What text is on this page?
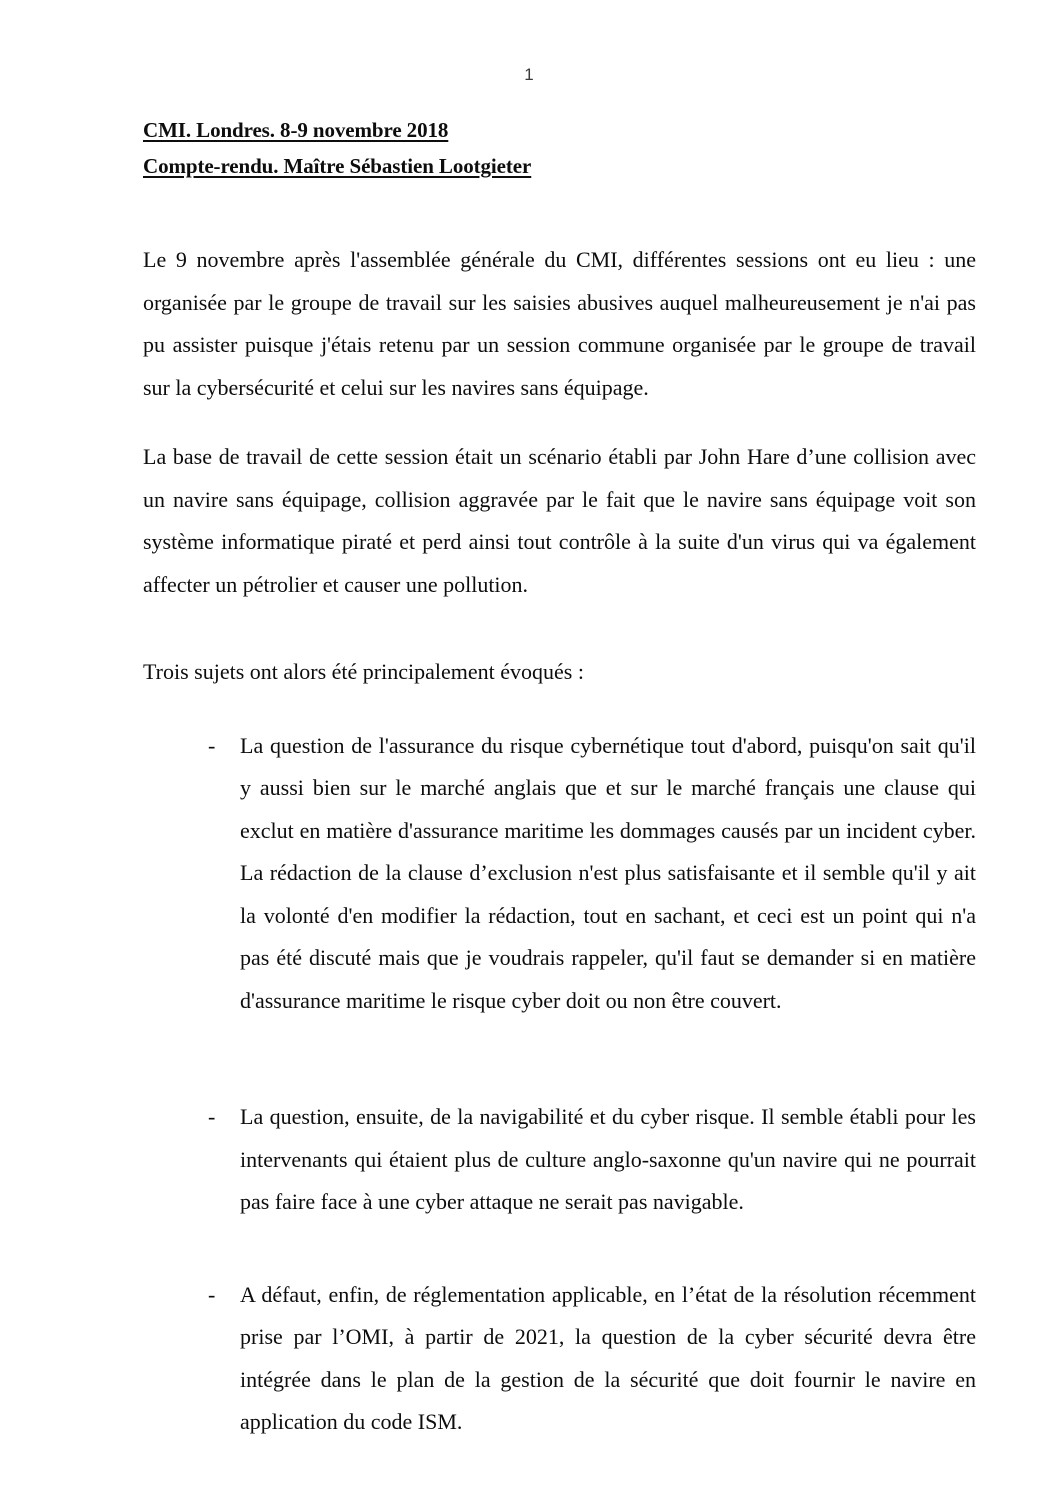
1
CMI. Londres. 8-9 novembre 2018
Compte-rendu. Maître Sébastien Lootgieter

Le 9 novembre après l'assemblée générale du CMI, différentes sessions ont eu lieu : une organisée par le groupe de travail sur les saisies abusives auquel malheureusement je n'ai pas pu assister puisque j'étais retenu par un session commune organisée par le groupe de travail sur la cybersécurité et celui sur les navires sans équipage.

La base de travail de cette session était un scénario établi par John Hare d’une collision avec un navire sans équipage, collision aggravée par le fait que le navire sans équipage voit son système informatique piraté et perd ainsi tout contrôle à la suite d'un virus qui va également affecter un pétrolier et causer une pollution.

Trois sujets ont alors été principalement évoqués :

- La question de l'assurance du risque cybernétique tout d'abord, puisqu'on sait qu'il y aussi bien sur le marché anglais que et sur le marché français une clause qui exclut en matière d'assurance maritime les dommages causés par un incident cyber. La rédaction de la clause d’exclusion n'est plus satisfaisante et il semble qu'il y ait la volonté d'en modifier la rédaction, tout en sachant, et ceci est un point qui n'a pas été discuté mais que je voudrais rappeler, qu'il faut se demander si en matière d'assurance maritime le risque cyber doit ou non être couvert.
- La question, ensuite, de la navigabilité et du cyber risque. Il semble établi pour les intervenants qui étaient plus de culture anglo-saxonne qu'un navire qui ne pourrait pas faire face à une cyber attaque ne serait pas navigable.
- A défaut, enfin, de réglementation applicable, en l’état de la résolution récemment prise par l’OMI, à partir de 2021, la question de la cyber sécurité devra être intégrée dans le plan de la gestion de la sécurité que doit fournir le navire en application du code ISM.
